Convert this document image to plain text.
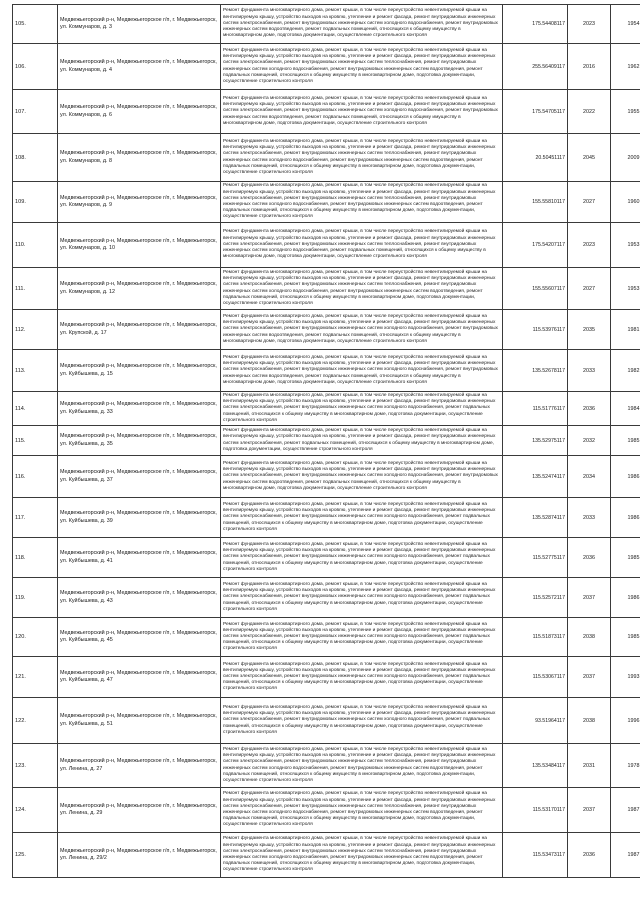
105.	Медвежьегорский р-н, Медвежьегорское г/п, г. Медвежьегорск, ул. Коммунаров, д. 3	Ремонт фундамента многоквартирного дома, ремонт крыши, в том числе переустройство невентилируемой крыши на вентилируемую крышу, устройство выходов на кровлю, утепление и ремонт фасада, ремонт внутридомовых инженерных систем электроснабжения, ремонт внутридомовых инженерных систем холодного водоснабжения, ремонт внутридомовых инженерных систем водоотведения, ремонт подвальных помещений, относящихся к общему имуществу в многоквартирном доме, подготовка документации, осуществление строительного контроля	175.54408117	2023	1954
106.	Медвежьегорский р-н, Медвежьегорское г/п, г. Медвежьегорск, ул. Коммунаров, д. 4	Ремонт фундамента многоквартирного дома, ремонт крыши, в том числе переустройство невентилируемой крыши на вентилируемую крышу, устройство выходов на кровлю, утепление и ремонт фасада, ремонт внутридомовых инженерных систем электроснабжения, ремонт внутридомовых инженерных систем теплоснабжения, ремонт внутридомовых инженерных систем холодного водоснабжения, ремонт внутридомовых инженерных систем водоотведения, ремонт подвальных помещений, относящихся к общему имуществу в многоквартирном доме, подготовка документации, осуществление строительного контроля	255.56409117	2016	1962
107.	Медвежьегорский р-н, Медвежьегорское г/п, г. Медвежьегорск, ул. Коммунаров, д. 6	Ремонт фундамента многоквартирного дома, ремонт крыши, в том числе переустройство невентилируемой крыши на вентилируемую крышу, устройство выходов на кровлю, утепление и ремонт фасада, ремонт внутридомовых инженерных систем электроснабжения, ремонт внутридомовых инженерных систем холодного водоснабжения, ремонт внутридомовых инженерных систем водоотведения, ремонт подвальных помещений, относящихся к общему имуществу в многоквартирном доме, подготовка документации, осуществление строительного контроля	175.54705117	2022	1955
108.	Медвежьегорский р-н, Медвежьегорское г/п, г. Медвежьегорск, ул. Коммунаров, д. 8	Ремонт фундамента многоквартирного дома, ремонт крыши, в том числе переустройство невентилируемой крыши на вентилируемую крышу, устройство выходов на кровлю, утепление и ремонт фасада, ремонт внутридомовых инженерных систем электроснабжения, ремонт внутридомовых инженерных систем теплоснабжения, ремонт внутридомовых инженерных систем холодного водоснабжения, ремонт внутридомовых инженерных систем водоотведения, ремонт подвальных помещений, относящихся к общему имуществу в многоквартирном доме, подготовка документации, осуществление строительного контроля	20.50451117	2045	2009
109.	Медвежьегорский р-н, Медвежьегорское г/п, г. Медвежьегорск, ул. Коммунаров, д. 9	Ремонт фундамента многоквартирного дома, ремонт крыши, в том числе переустройство невентилируемой крыши на вентилируемую крышу, устройство выходов на кровлю, утепление и ремонт фасада, ремонт внутридомовых инженерных систем электроснабжения, ремонт внутридомовых инженерных систем теплоснабжения, ремонт внутридомовых инженерных систем холодного водоснабжения, ремонт внутридомовых инженерных систем водоотведения, ремонт подвальных помещений, относящихся к общему имуществу в многоквартирном доме, подготовка документации, осуществление строительного контроля	155.55810117	2027	1960
110.	Медвежьегорский р-н, Медвежьегорское г/п, г. Медвежьегорск, ул. Коммунаров, д. 10	Ремонт фундамента многоквартирного дома, ремонт крыши, в том числе переустройство невентилируемой крыши на вентилируемую крышу, устройство выходов на кровлю, утепление и ремонт фасада, ремонт внутридомовых инженерных систем электроснабжения, ремонт внутридомовых инженерных систем теплоснабжения, ремонт внутридомовых инженерных систем холодного водоснабжения, ремонт подвальных помещений, относящихся к общему имуществу в многоквартирном доме, подготовка документации, осуществление строительного контроля	175.54207117	2023	1953
111.	Медвежьегорский р-н, Медвежьегорское г/п, г. Медвежьегорск, ул. Коммунаров, д. 12	Ремонт фундамента многоквартирного дома, ремонт крыши, в том числе переустройство невентилируемой крыши на вентилируемую крышу, устройство выходов на кровлю, утепление и ремонт фасада, ремонт внутридомовых инженерных систем электроснабжения, ремонт внутридомовых инженерных систем теплоснабжения, ремонт внутридомовых инженерных систем холодного водоснабжения, ремонт внутридомовых инженерных систем водоотведения, ремонт подвальных помещений, относящихся к общему имуществу в многоквартирном доме, подготовка документации, осуществление строительного контроля	155.55607117	2027	1953
112.	Медвежьегорский р-н, Медвежьегорское г/п, г. Медвежьегорск, ул. Крупской, д. 17	Ремонт фундамента многоквартирного дома, ремонт крыши, в том числе переустройство невентилируемой крыши на вентилируемую крышу, устройство выходов на кровлю, утепление и ремонт фасада, ремонт внутридомовых инженерных систем электроснабжения, ремонт внутридомовых инженерных систем холодного водоснабжения, ремонт внутридомовых инженерных систем водоотведения, ремонт подвальных помещений, относящихся к общему имуществу в многоквартирном доме, подготовка документации, осуществление строительного контроля	115.53976117	2035	1981
113.	Медвежьегорский р-н, Медвежьегорское г/п, г. Медвежьегорск, ул. Куйбышева, д. 15	Ремонт фундамента многоквартирного дома, ремонт крыши, в том числе переустройство невентилируемой крыши на вентилируемую крышу, устройство выходов на кровлю, утепление и ремонт фасада, ремонт внутридомовых инженерных систем электроснабжения, ремонт внутридомовых инженерных систем холодного водоснабжения, ремонт внутридомовых инженерных систем водоотведения, ремонт подвальных помещений, относящихся к общему имуществу в многоквартирном доме, подготовка документации, осуществление строительного контроля	135.52678117	2033	1982
114.	Медвежьегорский р-н, Медвежьегорское г/п, г. Медвежьегорск, ул. Куйбышева, д. 33	Ремонт фундамента многоквартирного дома, ремонт крыши, в том числе переустройство невентилируемой крыши на вентилируемую крышу, устройство выходов на кровлю, утепление и ремонт фасада, ремонт внутридомовых инженерных систем электроснабжения, ремонт внутридомовых инженерных систем холодного водоснабжения, ремонт подвальных помещений, относящихся к общему имуществу в многоквартирном доме, подготовка документации, осуществление строительного контроля	115.51776117	2036	1984
115.	Медвежьегорский р-н, Медвежьегорское г/п, г. Медвежьегорск, ул. Куйбышева, д. 35	Ремонт фундамента многоквартирного дома, ремонт крыши, в том числе переустройство невентилируемой крыши на вентилируемую крышу, устройство выходов на кровлю, утепление и ремонт фасада, ремонт внутридомовых инженерных систем электроснабжения, ремонт подвальных помещений, относящихся к общему имуществу в многоквартирном доме, подготовка документации, осуществление строительного контроля	135.52975117	2032	1985
116.	Медвежьегорский р-н, Медвежьегорское г/п, г. Медвежьегорск, ул. Куйбышева, д. 37	Ремонт фундамента многоквартирного дома, ремонт крыши, в том числе переустройство невентилируемой крыши на вентилируемую крышу, устройство выходов на кровлю, утепление и ремонт фасада, ремонт внутридомовых инженерных систем электроснабжения, ремонт внутридомовых инженерных систем холодного водоснабжения, ремонт внутридомовых инженерных систем водоотведения, ремонт подвальных помещений, относящихся к общему имуществу в многоквартирном доме, подготовка документации, осуществление строительного контроля	135.52474117	2034	1986
117.	Медвежьегорский р-н, Медвежьегорское г/п, г. Медвежьегорск, ул. Куйбышева, д. 39	Ремонт фундамента многоквартирного дома, ремонт крыши, в том числе переустройство невентилируемой крыши на вентилируемую крышу, устройство выходов на кровлю, утепление и ремонт фасада, ремонт внутридомовых инженерных систем электроснабжения, ремонт внутридомовых инженерных систем холодного водоснабжения, ремонт подвальных помещений, относящихся к общему имуществу в многоквартирном доме, подготовка документации, осуществление строительного контроля	135.52874117	2033	1986
118.	Медвежьегорский р-н, Медвежьегорское г/п, г. Медвежьегорск, ул. Куйбышева, д. 41	Ремонт фундамента многоквартирного дома, ремонт крыши, в том числе переустройство невентилируемой крыши на вентилируемую крышу, устройство выходов на кровлю, утепление и ремонт фасада, ремонт внутридомовых инженерных систем электроснабжения, ремонт внутридомовых инженерных систем холодного водоснабжения, ремонт подвальных помещений, относящихся к общему имуществу в многоквартирном доме, подготовка документации, осуществление строительного контроля	115.52775117	2036	1985
119.	Медвежьегорский р-н, Медвежьегорское г/п, г. Медвежьегорск, ул. Куйбышева, д. 43	Ремонт фундамента многоквартирного дома, ремонт крыши, в том числе переустройство невентилируемой крыши на вентилируемую крышу, устройство выходов на кровлю, утепление и ремонт фасада, ремонт внутридомовых инженерных систем электроснабжения, ремонт внутридомовых инженерных систем холодного водоснабжения, ремонт подвальных помещений, относящихся к общему имуществу в многоквартирном доме, подготовка документации, осуществление строительного контроля	115.52572117	2037	1986
120.	Медвежьегорский р-н, Медвежьегорское г/п, г. Медвежьегорск, ул. Куйбышева, д. 45	Ремонт фундамента многоквартирного дома, ремонт крыши, в том числе переустройство невентилируемой крыши на вентилируемую крышу, устройство выходов на кровлю, утепление и ремонт фасада, ремонт внутридомовых инженерных систем электроснабжения, ремонт внутридомовых инженерных систем холодного водоснабжения, ремонт подвальных помещений, относящихся к общему имуществу в многоквартирном доме, подготовка документации, осуществление строительного контроля	115.51873117	2038	1985
121.	Медвежьегорский р-н, Медвежьегорское г/п, г. Медвежьегорск, ул. Куйбышева, д. 47	Ремонт фундамента многоквартирного дома, ремонт крыши, в том числе переустройство невентилируемой крыши на вентилируемую крышу, устройство выходов на кровлю, утепление и ремонт фасада, ремонт внутридомовых инженерных систем электроснабжения, ремонт внутридомовых инженерных систем холодного водоснабжения, ремонт подвальных помещений, относящихся к общему имуществу в многоквартирном доме, подготовка документации, осуществление строительного контроля	115.53067117	2037	1993
122.	Медвежьегорский р-н, Медвежьегорское г/п, г. Медвежьегорск, ул. Куйбышева, д. 51	Ремонт фундамента многоквартирного дома, ремонт крыши, в том числе переустройство невентилируемой крыши на вентилируемую крышу, устройство выходов на кровлю, утепление и ремонт фасада, ремонт внутридомовых инженерных систем электроснабжения, ремонт внутридомовых инженерных систем холодного водоснабжения, ремонт подвальных помещений, относящихся к общему имуществу в многоквартирном доме, подготовка документации, осуществление строительного контроля	93.51964117	2038	1996
123.	Медвежьегорский р-н, Медвежьегорское г/п, г. Медвежьегорск, ул. Ленина, д. 27	Ремонт фундамента многоквартирного дома, ремонт крыши, в том числе переустройство невентилируемой крыши на вентилируемую крышу, устройство выходов на кровлю, утепление и ремонт фасада, ремонт внутридомовых инженерных систем электроснабжения, ремонт внутридомовых инженерных систем теплоснабжения, ремонт внутридомовых инженерных систем холодного водоснабжения, ремонт внутридомовых инженерных систем водоотведения, ремонт подвальных помещений, относящихся к общему имуществу в многоквартирном доме, подготовка документации, осуществление строительного контроля	135.53484117	2031	1978
124.	Медвежьегорский р-н, Медвежьегорское г/п, г. Медвежьегорск, ул. Ленина, д. 29	Ремонт фундамента многоквартирного дома, ремонт крыши, в том числе переустройство невентилируемой крыши на вентилируемую крышу, устройство выходов на кровлю, утепление и ремонт фасада, ремонт внутридомовых инженерных систем электроснабжения, ремонт внутридомовых инженерных систем теплоснабжения, ремонт внутридомовых инженерных систем холодного водоснабжения, ремонт внутридомовых инженерных систем водоотведения, ремонт подвальных помещений, относящихся к общему имуществу в многоквартирном доме, подготовка документации, осуществление строительного контроля	115.53170117	2037	1987
125.	Медвежьегорский р-н, Медвежьегорское г/п, г. Медвежьегорск, ул. Ленина, д. 29/2	Ремонт фундамента многоквартирного дома, ремонт крыши, в том числе переустройство невентилируемой крыши на вентилируемую крышу, устройство выходов на кровлю, утепление и ремонт фасада, ремонт внутридомовых инженерных систем электроснабжения, ремонт внутридомовых инженерных систем теплоснабжения, ремонт внутридомовых инженерных систем холодного водоснабжения, ремонт внутридомовых инженерных систем водоотведения, ремонт подвальных помещений, относящихся к общему имуществу в многоквартирном доме, подготовка документации, осуществление строительного контроля	115.53473117	2036	1987
